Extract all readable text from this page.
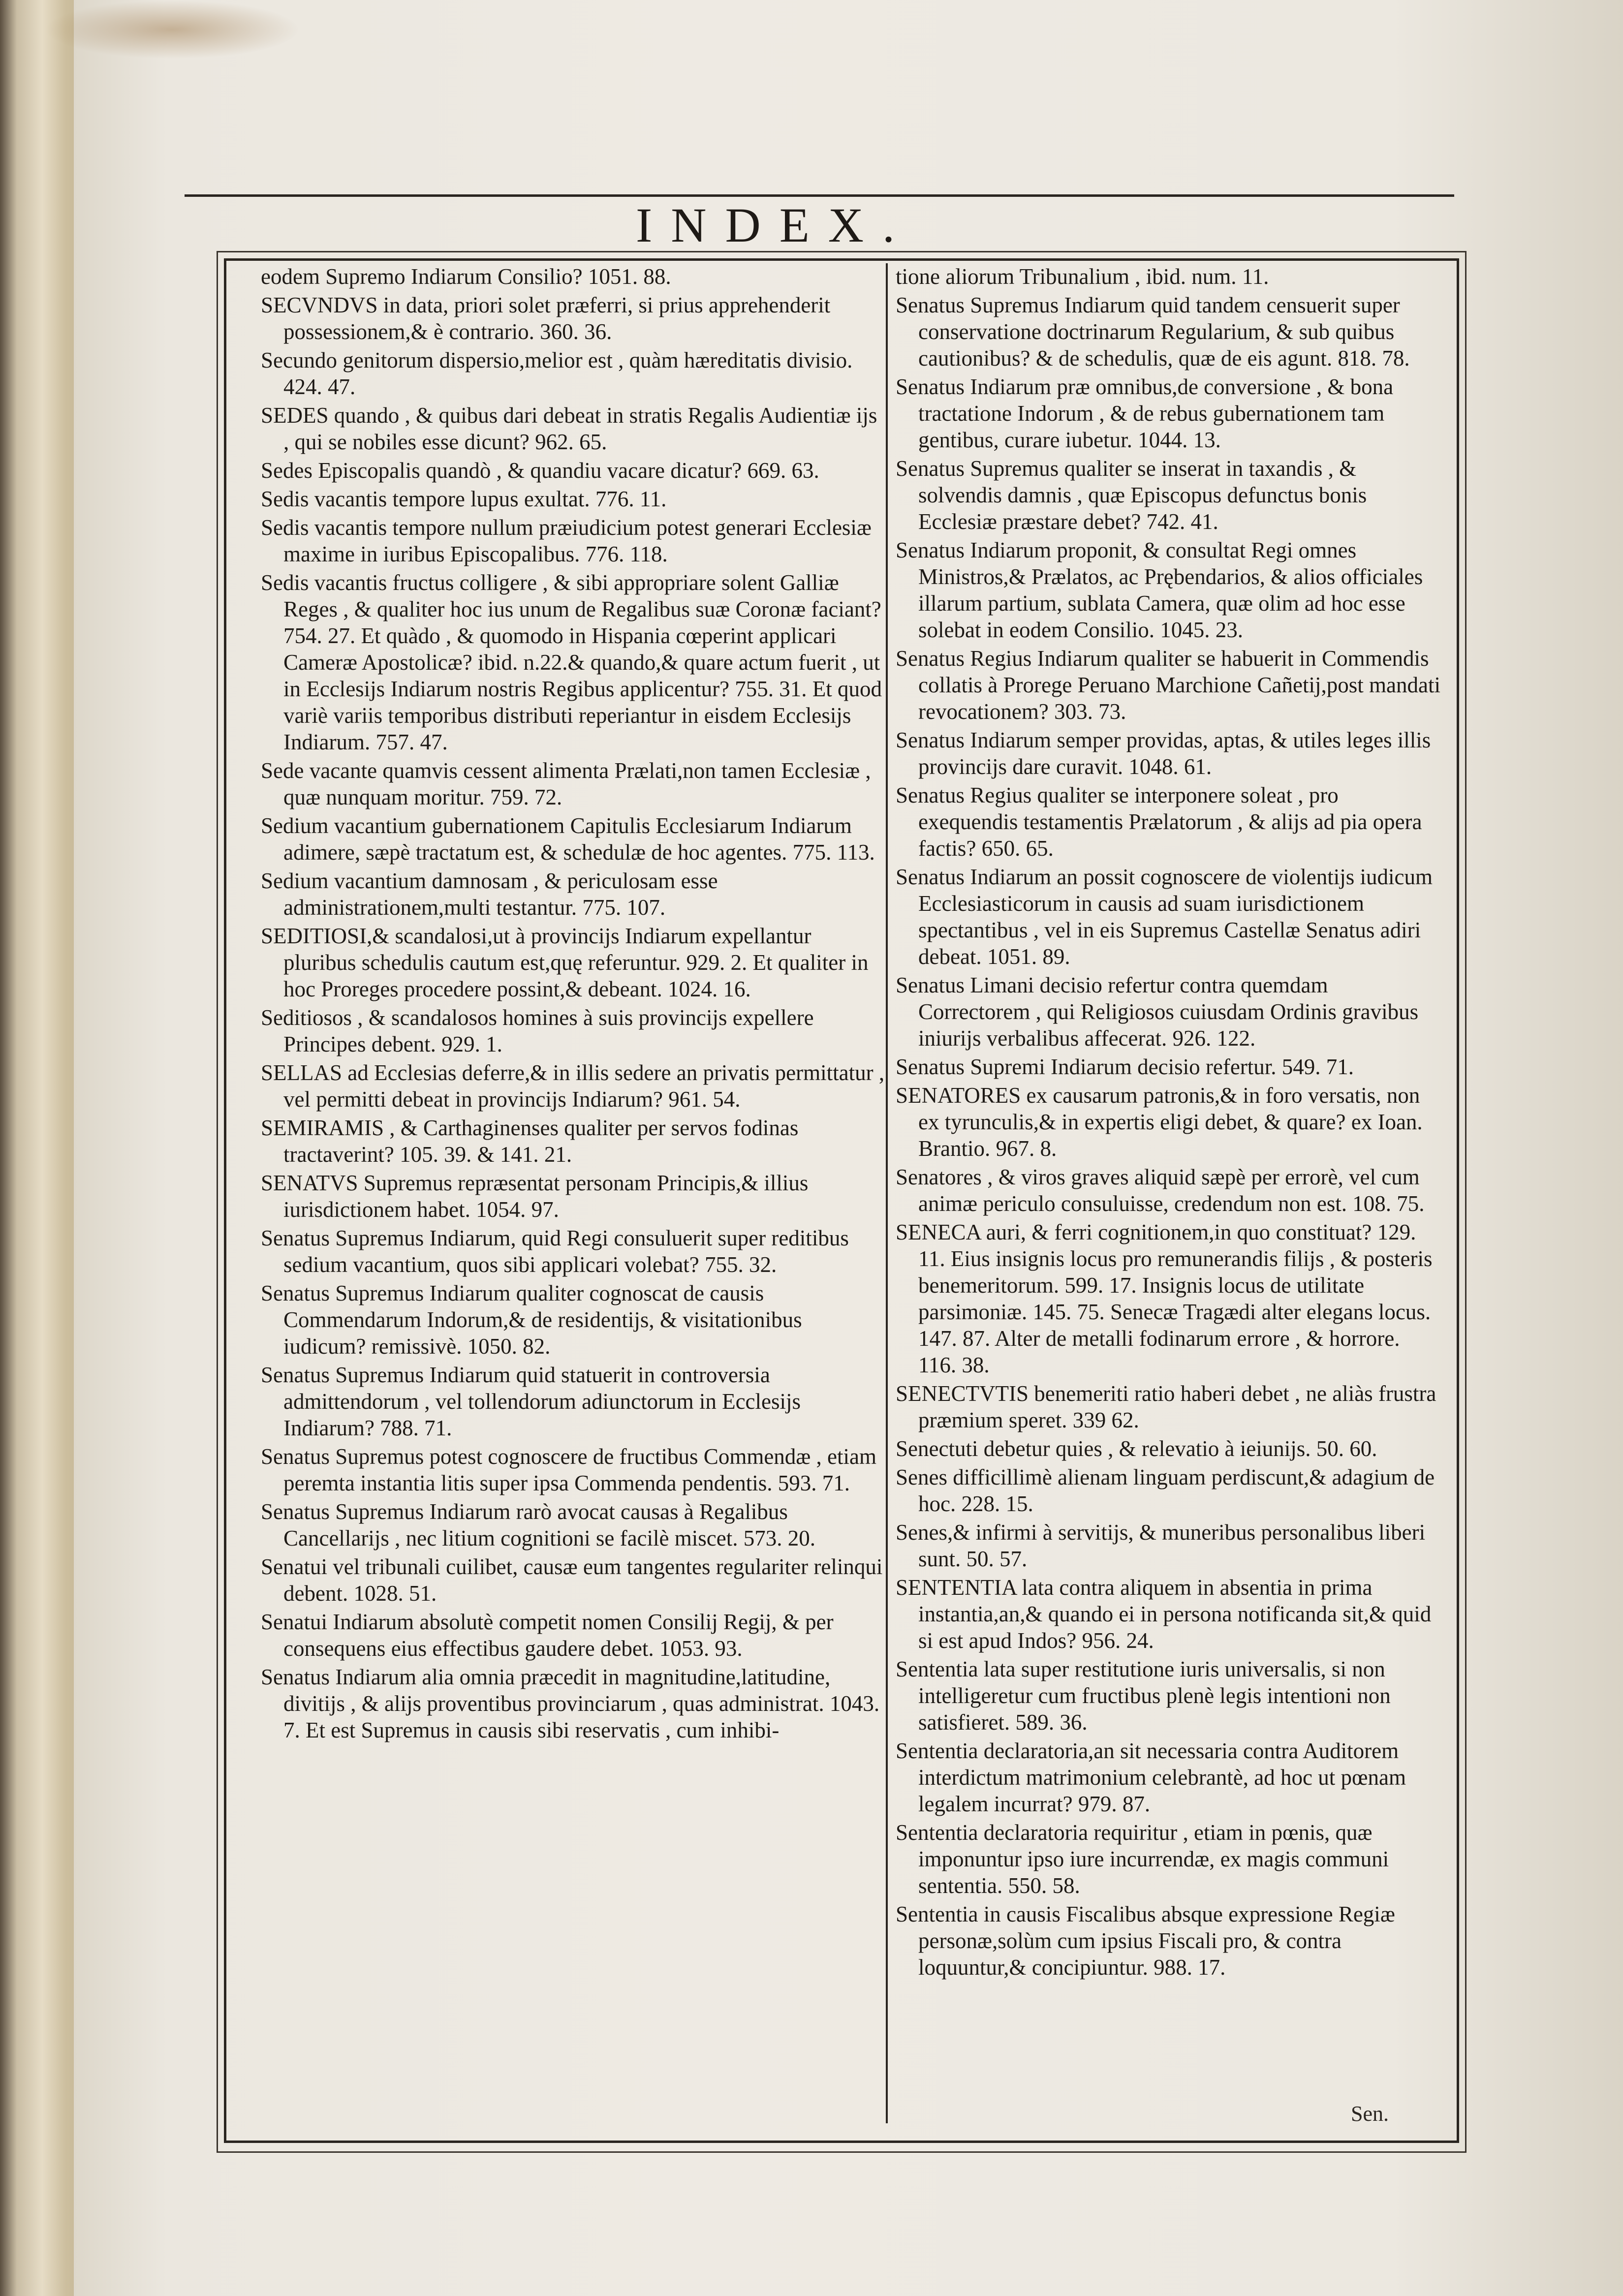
INDEX.
eodem Supremo Indiarum Consilio? 1051. 88.
SECVNDVS in data, priori solet præferri, si prius apprehenderit possessionem,& è contrario. 360. 36.
Secundo genitorum dispersio,melior est , quàm hæreditatis divisio. 424. 47.
SEDES quando , & quibus dari debeat in stratis Regalis Audientiæ ijs , qui se nobiles esse dicunt? 962. 65.
Sedes Episcopalis quandò , & quandiu vacare dicatur? 669. 63.
Sedis vacantis tempore lupus exultat. 776. 11.
Sedis vacantis tempore nullum præiudicium potest generari Ecclesiæ maxime in iuribus Episcopalibus. 776. 118.
Sedis vacantis fructus colligere , & sibi appropriare solent Galliæ Reges , & qualiter hoc ius unum de Regalibus suæ Coronæ faciant? 754. 27. Et quàdo , & quomodo in Hispania cœperint applicari Cameræ Apostolicæ? ibid. n.22.& quando,& quare actum fuerit , ut in Ecclesijs Indiarum nostris Regibus applicentur? 755. 31. Et quod variè variis temporibus distributi reperiantur in eisdem Ecclesijs Indiarum. 757. 47.
Sede vacante quamvis cessent alimenta Prælati,non tamen Ecclesiæ , quæ nunquam moritur. 759. 72.
Sedium vacantium gubernationem Capitulis Ecclesiarum Indiarum adimere, sæpè tractatum est, & schedulæ de hoc agentes. 775. 113.
Sedium vacantium damnosam , & periculosam esse administrationem,multi testantur. 775. 107.
SEDITIOSI,& scandalosi,ut à provincijs Indiarum expellantur pluribus schedulis cautum est,quę referuntur. 929. 2. Et qualiter in hoc Proreges procedere possint,& debeant. 1024. 16.
Seditiosos , & scandalosos homines à suis provincijs expellere Principes debent. 929. 1.
SELLAS ad Ecclesias deferre,& in illis sedere an privatis permittatur , vel permitti debeat in provincijs Indiarum? 961. 54.
SEMIRAMIS , & Carthaginenses qualiter per servos fodinas tractaverint? 105. 39. & 141. 21.
SENATVS Supremus repræsentat personam Principis,& illius iurisdictionem habet. 1054. 97.
Senatus Supremus Indiarum, quid Regi consuluerit super reditibus sedium vacantium, quos sibi applicari volebat? 755. 32.
Senatus Supremus Indiarum qualiter cognoscat de causis Commendarum Indorum,& de residentijs, & visitationibus iudicum? remissivè. 1050. 82.
Senatus Supremus Indiarum quid statuerit in controversia admittendorum , vel tollendorum adiunctorum in Ecclesijs Indiarum? 788. 71.
Senatus Supremus potest cognoscere de fructibus Commendæ , etiam peremta instantia litis super ipsa Commenda pendentis. 593. 71.
Senatus Supremus Indiarum rarò avocat causas à Regalibus Cancellarijs , nec litium cognitioni se facilè miscet. 573. 20.
Senatui vel tribunali cuilibet, causæ eum tangentes regulariter relinqui debent. 1028. 51.
Senatui Indiarum absolutè competit nomen Consilij Regij, & per consequens eius effectibus gaudere debet. 1053. 93.
Senatus Indiarum alia omnia præcedit in magnitudine,latitudine, divitijs , & alijs proventibus provinciarum , quas administrat. 1043. 7. Et est Supremus in causis sibi reservatis , cum inhibi-
tione aliorum Tribunalium , ibid. num. 11.
Senatus Supremus Indiarum quid tandem censuerit super conservatione doctrinarum Regularium, & sub quibus cautionibus? & de schedulis, quæ de eis agunt. 818. 78.
Senatus Indiarum præ omnibus,de conversione , & bona tractatione Indorum , & de rebus gubernationem tam gentibus, curare iubetur. 1044. 13.
Senatus Supremus qualiter se inserat in taxandis , & solvendis damnis , quæ Episcopus defunctus bonis Ecclesiæ præstare debet? 742. 41.
Senatus Indiarum proponit, & consultat Regi omnes Ministros,& Prælatos, ac Prębendarios, & alios officiales illarum partium, sublata Camera, quæ olim ad hoc esse solebat in eodem Consilio. 1045. 23.
Senatus Regius Indiarum qualiter se habuerit in Commendis collatis à Prorege Peruano Marchione Cañetij,post mandati revocationem? 303. 73.
Senatus Indiarum semper providas, aptas, & utiles leges illis provincijs dare curavit. 1048. 61.
Senatus Regius qualiter se interponere soleat , pro exequendis testamentis Prælatorum , & alijs ad pia opera factis? 650. 65.
Senatus Indiarum an possit cognoscere de violentijs iudicum Ecclesiasticorum in causis ad suam iurisdictionem spectantibus , vel in eis Supremus Castellæ Senatus adiri debeat. 1051. 89.
Senatus Limani decisio refertur contra quemdam Correctorem , qui Religiosos cuiusdam Ordinis gravibus iniurijs verbalibus affecerat. 926. 122.
Senatus Supremi Indiarum decisio refertur. 549. 71.
SENATORES ex causarum patronis,& in foro versatis, non ex tyrunculis,& in expertis eligi debet, & quare? ex Ioan. Brantio. 967. 8.
Senatores , & viros graves aliquid sæpè per errorè, vel cum animæ periculo consuluisse, credendum non est. 108. 75.
SENECA auri, & ferri cognitionem,in quo constituat? 129. 11. Eius insignis locus pro remunerandis filijs , & posteris benemeritorum. 599. 17. Insignis locus de utilitate parsimoniæ. 145. 75. Senecæ Tragædi alter elegans locus. 147. 87. Alter de metalli fodinarum errore , & horrore. 116. 38.
SENECTVTIS benemeriti ratio haberi debet , ne aliàs frustra præmium speret. 339 62.
Senectuti debetur quies , & relevatio à ieiunijs. 50. 60.
Senes difficillimè alienam linguam perdiscunt,& adagium de hoc. 228. 15.
Senes,& infirmi à servitijs, & muneribus personalibus liberi sunt. 50. 57.
SENTENTIA lata contra aliquem in absentia in prima instantia,an,& quando ei in persona notificanda sit,& quid si est apud Indos? 956. 24.
Sententia lata super restitutione iuris universalis, si non intelligeretur cum fructibus plenè legis intentioni non satisfieret. 589. 36.
Sententia declaratoria,an sit necessaria contra Auditorem interdictum matrimonium celebrantè, ad hoc ut pœnam legalem incurrat? 979. 87.
Sententia declaratoria requiritur , etiam in pœnis, quæ imponuntur ipso iure incurrendæ, ex magis communi sententia. 550. 58.
Sententia in causis Fiscalibus absque expressione Regiæ personæ,solùm cum ipsius Fiscali pro, & contra loquuntur,& concipiuntur. 988. 17.
Sen.
